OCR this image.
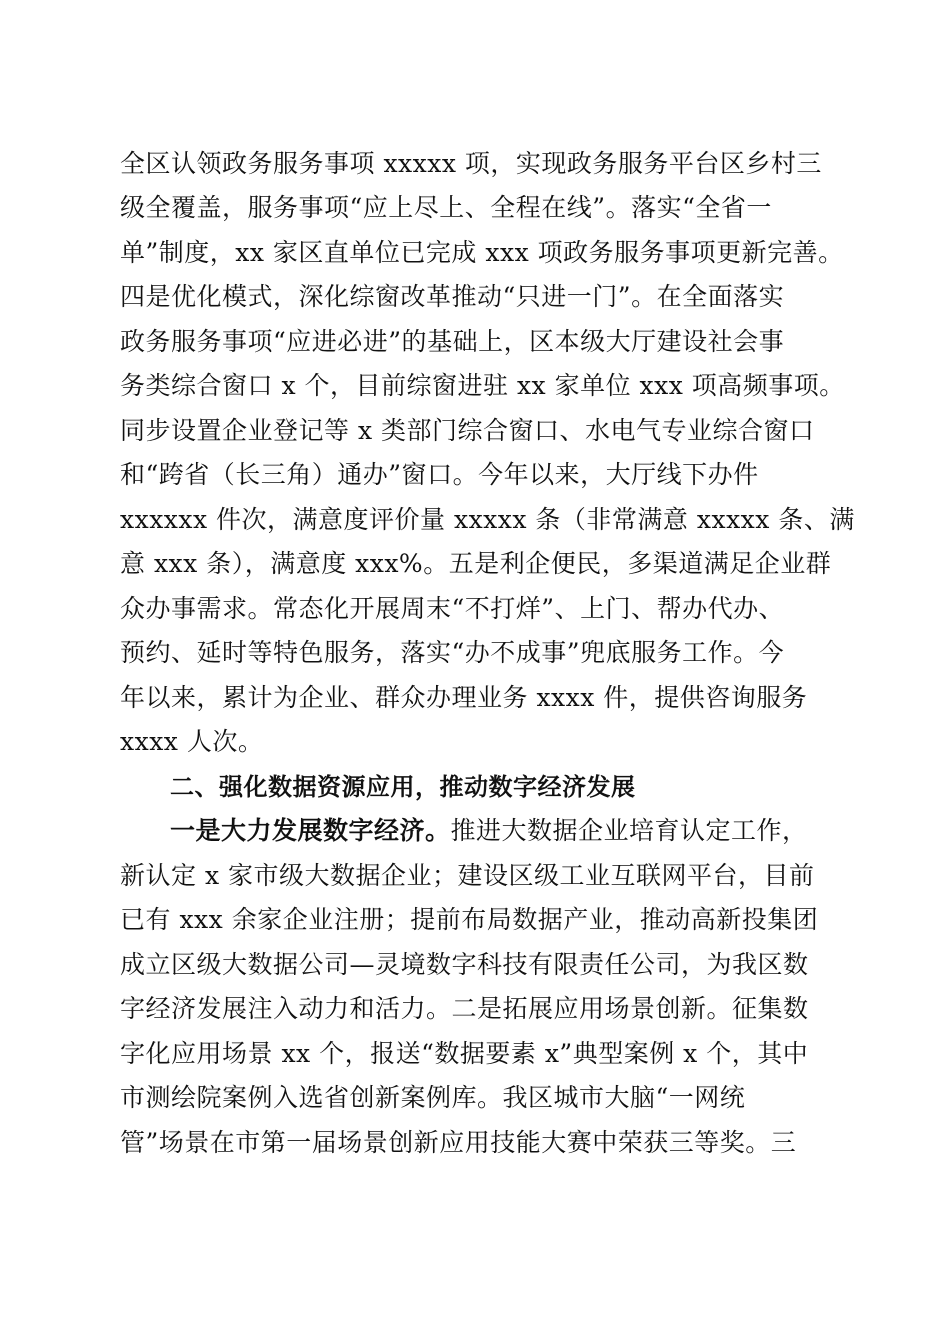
全区认领政务服务事项 xxxxx 项，实现政务服务平台区乡村三
级全覆盖，服务事项“应上尽上、全程在线”。落实“全省一
单”制度，xx 家区直单位已完成 xxx 项政务服务事项更新完善。
四是优化模式，深化综窗改革推动“只进一门”。在全面落实
政务服务事项“应进必进”的基础上，区本级大厅建设社会事
务类综合窗口 x 个，目前综窗进驻 xx 家单位 xxx 项高频事项。
同步设置企业登记等 x 类部门综合窗口、水电气专业综合窗口
和“跨省（长三角）通办”窗口。今年以来，大厅线下办件
xxxxxx 件次，满意度评价量 xxxxx 条（非常满意 xxxxx 条、满
意 xxx 条），满意度 xxx%。五是利企便民，多渠道满足企业群
众办事需求。常态化开展周末“不打烊”、上门、帮办代办、
预约、延时等特色服务，落实“办不成事”兜底服务工作。今
年以来，累计为企业、群众办理业务 xxxx 件，提供咨询服务
xxxx 人次。
二、强化数据资源应用，推动数字经济发展
一是大力发展数字经济。推进大数据企业培育认定工作，
新认定 x 家市级大数据企业；建设区级工业互联网平台，目前
已有 xxx 余家企业注册；提前布局数据产业，推动高新投集团
成立区级大数据公司—灵境数字科技有限责任公司，为我区数
字经济发展注入动力和活力。二是拓展应用场景创新。征集数
字化应用场景 xx 个，报送“数据要素 x”典型案例 x 个，其中
市测绘院案例入选省创新案例库。我区城市大脑“一网统
管”场景在市第一届场景创新应用技能大赛中荣获三等奖。三
